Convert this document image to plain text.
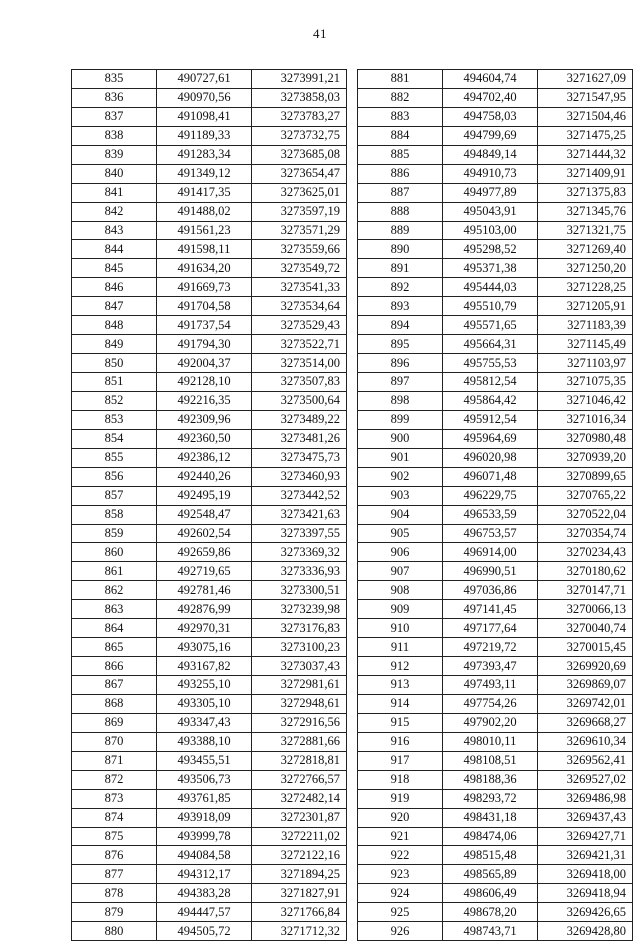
41
835	490727,61	3273991,21
836	490970,56	3273858,03
837	491098,41	3273783,27
838	491189,33	3273732,75
839	491283,34	3273685,08
840	491349,12	3273654,47
841	491417,35	3273625,01
842	491488,02	3273597,19
843	491561,23	3273571,29
844	491598,11	3273559,66
845	491634,20	3273549,72
846	491669,73	3273541,33
847	491704,58	3273534,64
848	491737,54	3273529,43
849	491794,30	3273522,71
850	492004,37	3273514,00
851	492128,10	3273507,83
852	492216,35	3273500,64
853	492309,96	3273489,22
854	492360,50	3273481,26
855	492386,12	3273475,73
856	492440,26	3273460,93
857	492495,19	3273442,52
858	492548,47	3273421,63
859	492602,54	3273397,55
860	492659,86	3273369,32
861	492719,65	3273336,93
862	492781,46	3273300,51
863	492876,99	3273239,98
864	492970,31	3273176,83
865	493075,16	3273100,23
866	493167,82	3273037,43
867	493255,10	3272981,61
868	493305,10	3272948,61
869	493347,43	3272916,56
870	493388,10	3272881,66
871	493455,51	3272818,81
872	493506,73	3272766,57
873	493761,85	3272482,14
874	493918,09	3272301,87
875	493999,78	3272211,02
876	494084,58	3272122,16
877	494312,17	3271894,25
878	494383,28	3271827,91
879	494447,57	3271766,84
880	494505,72	3271712,32
881	494604,74	3271627,09
882	494702,40	3271547,95
883	494758,03	3271504,46
884	494799,69	3271475,25
885	494849,14	3271444,32
886	494910,73	3271409,91
887	494977,89	3271375,83
888	495043,91	3271345,76
889	495103,00	3271321,75
890	495298,52	3271269,40
891	495371,38	3271250,20
892	495444,03	3271228,25
893	495510,79	3271205,91
894	495571,65	3271183,39
895	495664,31	3271145,49
896	495755,53	3271103,97
897	495812,54	3271075,35
898	495864,42	3271046,42
899	495912,54	3271016,34
900	495964,69	3270980,48
901	496020,98	3270939,20
902	496071,48	3270899,65
903	496229,75	3270765,22
904	496533,59	3270522,04
905	496753,57	3270354,74
906	496914,00	3270234,43
907	496990,51	3270180,62
908	497036,86	3270147,71
909	497141,45	3270066,13
910	497177,64	3270040,74
911	497219,72	3270015,45
912	497393,47	3269920,69
913	497493,11	3269869,07
914	497754,26	3269742,01
915	497902,20	3269668,27
916	498010,11	3269610,34
917	498108,51	3269562,41
918	498188,36	3269527,02
919	498293,72	3269486,98
920	498431,18	3269437,43
921	498474,06	3269427,71
922	498515,48	3269421,31
923	498565,89	3269418,00
924	498606,49	3269418,94
925	498678,20	3269426,65
926	498743,71	3269428,80
